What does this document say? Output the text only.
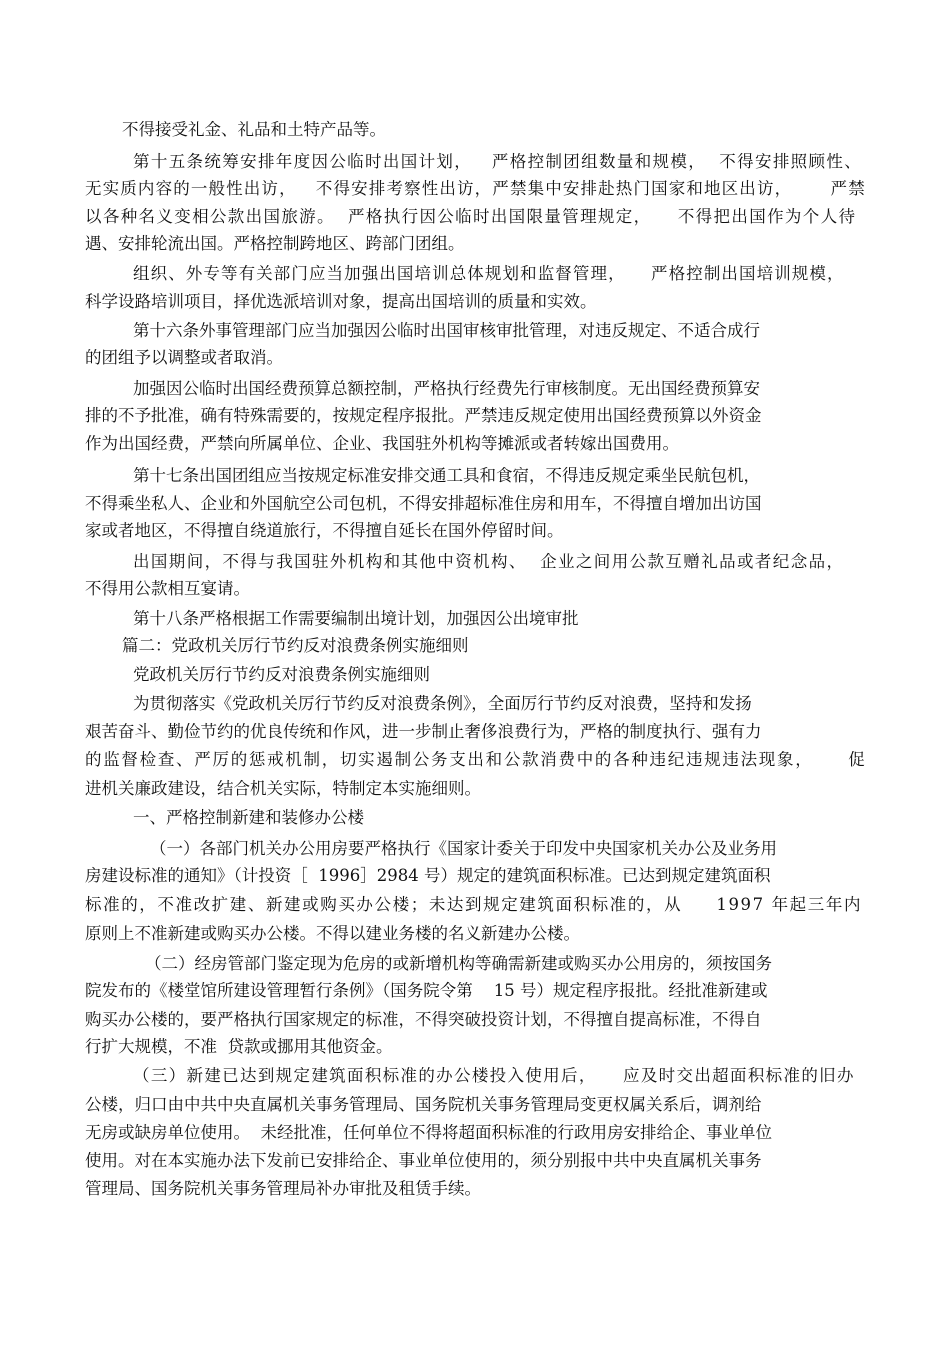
不得接受礼金、礼品和土特产品等。
第十五条统筹安排年度因公临时出国计划，   严格控制团组数量和规模，  不得安排照顾性、
无实质内容的一般性出访，   不得安排考察性出访，严禁集中安排赴热门国家和地区出访，      严禁
以各种名义变相公款出国旅游。  严格执行因公临时出国限量管理规定，    不得把出国作为个人待
遇、安排轮流出国。严格控制跨地区、跨部门团组。
组织、外专等有关部门应当加强出国培训总体规划和监督管理，    严格控制出国培训规模，
科学设路培训项目，择优选派培训对象，提高出国培训的质量和实效。
第十六条外事管理部门应当加强因公临时出国审核审批管理，对违反规定、不适合成行
的团组予以调整或者取消。
加强因公临时出国经费预算总额控制，严格执行经费先行审核制度。无出国经费预算安
排的不予批准，确有特殊需要的，按规定程序报批。严禁违反规定使用出国经费预算以外资金
作为出国经费，严禁向所属单位、企业、我国驻外机构等摊派或者转嫁出国费用。
第十七条出国团组应当按规定标准安排交通工具和食宿，不得违反规定乘坐民航包机，
不得乘坐私人、企业和外国航空公司包机，不得安排超标准住房和用车，不得擅自增加出访国
家或者地区，不得擅自绕道旅行，不得擅自延长在国外停留时间。
出国期间，不得与我国驻外机构和其他中资机构、  企业之间用公款互赠礼品或者纪念品，
不得用公款相互宴请。
第十八条严格根据工作需要编制出境计划，加强因公出境审批
篇二：党政机关厉行节约反对浪费条例实施细则
党政机关厉行节约反对浪费条例实施细则
为贯彻落实《党政机关厉行节约反对浪费条例》，全面厉行节约反对浪费，坚持和发扬
艰苦奋斗、勤俭节约的优良传统和作风，进一步制止奢侈浪费行为，严格的制度执行、强有力
的监督检查、严厉的惩戒机制，切实遏制公务支出和公款消费中的各种违纪违规违法现象，     促
进机关廉政建设，结合机关实际，特制定本实施细则。
一、严格控制新建和装修办公楼
（一）各部门机关办公用房要严格执行《国家计委关于印发中央国家机关办公及业务用
房建设标准的通知》（计投资［  1996］2984 号）规定的建筑面积标准。已达到规定建筑面积
标准的，不准改扩建、新建或购买办公楼；未达到规定建筑面积标准的，从     1997 年起三年内
原则上不准新建或购买办公楼。不得以建业务楼的名义新建办公楼。
（二）经房管部门鉴定现为危房的或新增机构等确需新建或购买办公用房的，须按国务
院发布的《楼堂馆所建设管理暂行条例》（国务院令第    15 号）规定程序报批。经批准新建或
购买办公楼的，要严格执行国家规定的标准，不得突破投资计划，不得擅自提高标准，不得自
行扩大规模，不准  贷款或挪用其他资金。
（三）新建已达到规定建筑面积标准的办公楼投入使用后，    应及时交出超面积标准的旧办
公楼，归口由中共中央直属机关事务管理局、国务院机关事务管理局变更权属关系后，调剂给
无房或缺房单位使用。  未经批准，任何单位不得将超面积标准的行政用房安排给企、事业单位
使用。对在本实施办法下发前已安排给企、事业单位使用的，须分别报中共中央直属机关事务
管理局、国务院机关事务管理局补办审批及租赁手续。
